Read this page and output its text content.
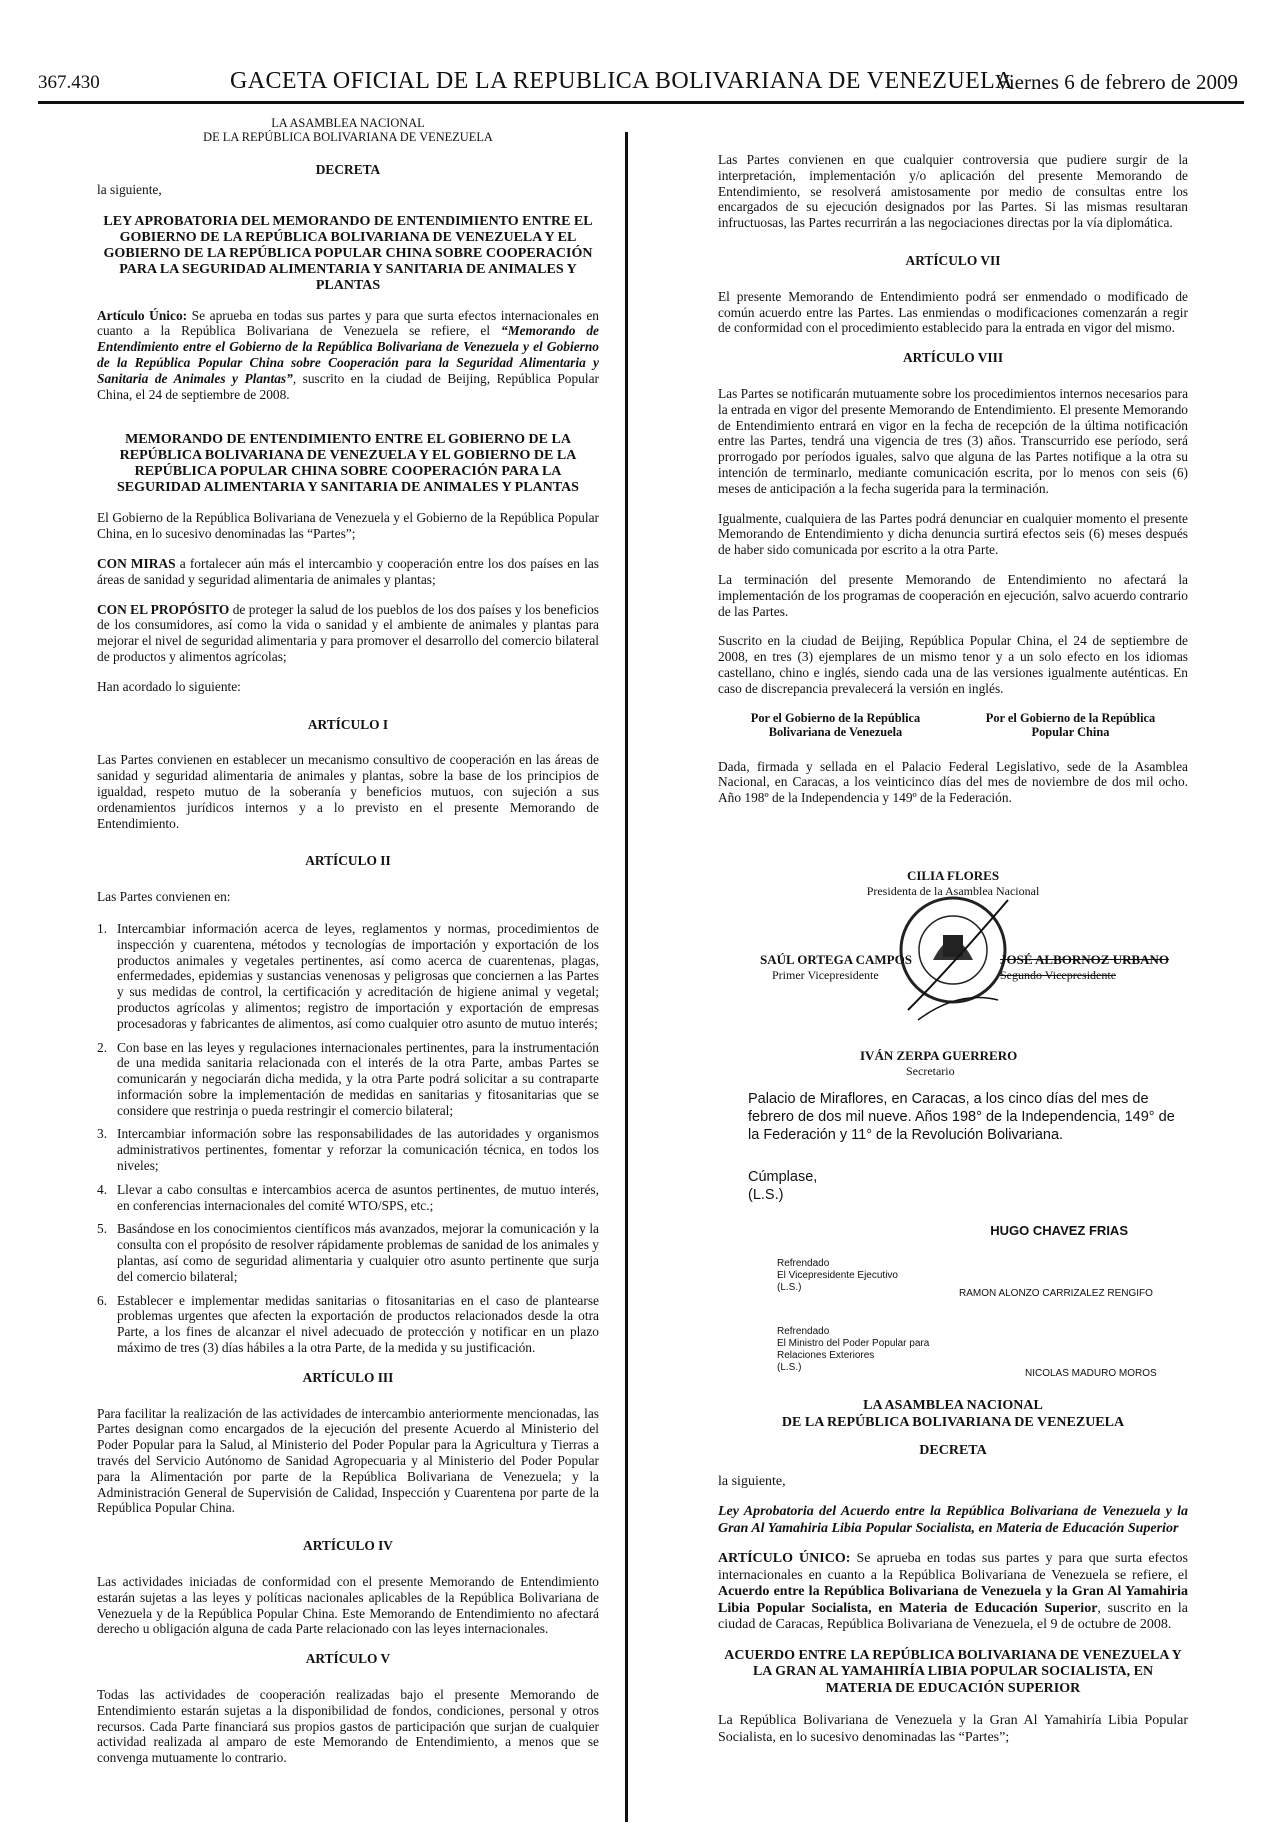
367.430	GACETA OFICIAL DE LA REPUBLICA BOLIVARIANA DE VENEZUELA
Viernes 6 de febrero de 2009
LA ASAMBLEA NACIONAL
DE LA REPÚBLICA BOLIVARIANA DE VENEZUELA
DECRETA

la siguiente,

LEY APROBATORIA DEL MEMORANDO DE ENTENDIMIENTO ENTRE EL GOBIERNO DE LA REPÚBLICA BOLIVARIANA DE VENEZUELA Y EL GOBIERNO DE LA REPÚBLICA POPULAR CHINA SOBRE COOPERACIÓN PARA LA SEGURIDAD ALIMENTARIA Y SANITARIA DE ANIMALES Y PLANTAS

Artículo Único: Se aprueba en todas sus partes y para que surta efectos internacionales en cuanto a la República Bolivariana de Venezuela se refiere, el “Memorando de Entendimiento entre el Gobierno de la República Bolivariana de Venezuela y el Gobierno de la República Popular China sobre Cooperación para la Seguridad Alimentaria y Sanitaria de Animales y Plantas”, suscrito en la ciudad de Beijing, República Popular China, el 24 de septiembre de 2008.

MEMORANDO DE ENTENDIMIENTO ENTRE EL GOBIERNO DE LA REPÚBLICA BOLIVARIANA DE VENEZUELA Y EL GOBIERNO DE LA REPÚBLICA POPULAR CHINA SOBRE COOPERACIÓN PARA LA SEGURIDAD ALIMENTARIA Y SANITARIA DE ANIMALES Y PLANTAS

El Gobierno de la República Bolivariana de Venezuela y el Gobierno de la República Popular China, en lo sucesivo denominadas las “Partes”;

CON MIRAS a fortalecer aún más el intercambio y cooperación entre los dos países en las áreas de sanidad y seguridad alimentaria de animales y plantas;

CON EL PROPÓSITO de proteger la salud de los pueblos de los dos países y los beneficios de los consumidores, así como la vida o sanidad y el ambiente de animales y plantas para mejorar el nivel de seguridad alimentaria y para promover el desarrollo del comercio bilateral de productos y alimentos agrícolas;

Han acordado lo siguiente:

ARTÍCULO I

Las Partes convienen en establecer un mecanismo consultivo de cooperación en las áreas de sanidad y seguridad alimentaria de animales y plantas, sobre la base de los principios de igualdad, respeto mutuo de la soberanía y beneficios mutuos, con sujeción a sus ordenamientos jurídicos internos y a lo previsto en el presente Memorando de Entendimiento.

ARTÍCULO II

Las Partes convienen en:

1. Intercambiar información acerca de leyes, reglamentos y normas, procedimientos de inspección y cuarentena, métodos y tecnologías de importación y exportación de los productos animales y vegetales pertinentes, así como acerca de cuarentenas, plagas, enfermedades, epidemias y sustancias venenosas y peligrosas que conciernen a las Partes y sus medidas de control, la certificación y acreditación de higiene animal y vegetal; productos agrícolas y alimentos; registro de importación y exportación de empresas procesadoras y fabricantes de alimentos, así como cualquier otro asunto de mutuo interés;
2. Con base en las leyes y regulaciones internacionales pertinentes, para la instrumentación de una medida sanitaria relacionada con el interés de la otra Parte, ambas Partes se comunicarán y negociarán dicha medida, y la otra Parte podrá solicitar a su contraparte información sobre la implementación de medidas en sanitarias y fitosanitarias que se considere que restrinja o pueda restringir el comercio bilateral;
3. Intercambiar información sobre las responsabilidades de las autoridades y organismos administrativos pertinentes, fomentar y reforzar la comunicación técnica, en todos los niveles;
4. Llevar a cabo consultas e intercambios acerca de asuntos pertinentes, de mutuo interés, en conferencias internacionales del comité WTO/SPS, etc.;
5. Basándose en los conocimientos científicos más avanzados, mejorar la comunicación y la consulta con el propósito de resolver rápidamente problemas de sanidad de los animales y plantas, así como de seguridad alimentaria y cualquier otro asunto pertinente que surja del comercio bilateral;
6. Establecer e implementar medidas sanitarias o fitosanitarias en el caso de plantearse problemas urgentes que afecten la exportación de productos relacionados desde la otra Parte, a los fines de alcanzar el nivel adecuado de protección y notificar en un plazo máximo de tres (3) días hábiles a la otra Parte, de la medida y su justificación.
ARTÍCULO III

Para facilitar la realización de las actividades de intercambio anteriormente mencionadas, las Partes designan como encargados de la ejecución del presente Acuerdo al Ministerio del Poder Popular para la Salud, al Ministerio del Poder Popular para la Agricultura y Tierras a través del Servicio Autónomo de Sanidad Agropecuaria y al Ministerio del Poder Popular para la Alimentación por parte de la República Bolivariana de Venezuela; y la Administración General de Supervisión de Calidad, Inspección y Cuarentena por parte de la República Popular China.

ARTÍCULO IV

Las actividades iniciadas de conformidad con el presente Memorando de Entendimiento estarán sujetas a las leyes y políticas nacionales aplicables de la República Bolivariana de Venezuela y de la República Popular China. Este Memorando de Entendimiento no afectará derecho u obligación alguna de cada Parte relacionado con las leyes internacionales.

ARTÍCULO V

Todas las actividades de cooperación realizadas bajo el presente Memorando de Entendimiento estarán sujetas a la disponibilidad de fondos, condiciones, personal y otros recursos. Cada Parte financiará sus propios gastos de participación que surjan de cualquier actividad realizada al amparo de este Memorando de Entendimiento, a menos que se convenga mutuamente lo contrario.

Las Partes convienen en que cualquier controversia que pudiere surgir de la interpretación, implementación y/o aplicación del presente Memorando de Entendimiento, se resolverá amistosamente por medio de consultas entre los encargados de su ejecución designados por las Partes. Si las mismas resultaran infructuosas, las Partes recurrirán a las negociaciones directas por la vía diplomática.

ARTÍCULO VII

El presente Memorando de Entendimiento podrá ser enmendado o modificado de común acuerdo entre las Partes. Las enmiendas o modificaciones comenzarán a regir de conformidad con el procedimiento establecido para la entrada en vigor del mismo.

ARTÍCULO VIII

Las Partes se notificarán mutuamente sobre los procedimientos internos necesarios para la entrada en vigor del presente Memorando de Entendimiento. El presente Memorando de Entendimiento entrará en vigor en la fecha de recepción de la última notificación entre las Partes, tendrá una vigencia de tres (3) años. Transcurrido ese período, será prorrogado por períodos iguales, salvo que alguna de las Partes notifique a la otra su intención de terminarlo, mediante comunicación escrita, por lo menos con seis (6) meses de anticipación a la fecha sugerida para la terminación.

Igualmente, cualquiera de las Partes podrá denunciar en cualquier momento el presente Memorando de Entendimiento y dicha denuncia surtirá efectos seis (6) meses después de haber sido comunicada por escrito a la otra Parte.

La terminación del presente Memorando de Entendimiento no afectará la implementación de los programas de cooperación en ejecución, salvo acuerdo contrario de las Partes.

Suscrito en la ciudad de Beijing, República Popular China, el 24 de septiembre de 2008, en tres (3) ejemplares de un mismo tenor y a un solo efecto en los idiomas castellano, chino e inglés, siendo cada una de las versiones igualmente auténticas. En caso de discrepancia prevalecerá la versión en inglés.

Por el Gobierno de la República
Bolivariana de Venezuela
Por el Gobierno de la República
Popular China

Dada, firmada y sellada en el Palacio Federal Legislativo, sede de la Asamblea Nacional, en Caracas, a los veinticinco días del mes de noviembre de dos mil ocho. Año 198º de la Independencia y 149º de la Federación.

CILIA FLORES
Presidenta de la Asamblea Nacional
SAÚL ORTEGA CAMPOS
Primer Vicepresidente
JOSÉ ALBORNOZ URBANO
Segundo Vicepresidente
IVÁN ZERPA GUERRERO
Secretario
Palacio de Miraflores, en Caracas, a los cinco días del mes de febrero de dos mil nueve. Años 198° de la Independencia, 149° de la Federación y 11° de la Revolución Bolivariana.
Cúmplase,
(L.S.)
HUGO CHAVEZ FRIAS
Refrendado
El Vicepresidente Ejecutivo
(L.S.)
RAMON ALONZO CARRIZALEZ RENGIFO
Refrendado
El Ministro del Poder Popular para
Relaciones Exteriores
(L.S.)
NICOLAS MADURO MOROS
LA ASAMBLEA NACIONAL
DE LA REPÚBLICA BOLIVARIANA DE VENEZUELA
DECRETA

la siguiente,

Ley Aprobatoria del Acuerdo entre la República Bolivariana de Venezuela y la Gran Al Yamahiria Libia Popular Socialista, en Materia de Educación Superior

ARTÍCULO ÚNICO: Se aprueba en todas sus partes y para que surta efectos internacionales en cuanto a la República Bolivariana de Venezuela se refiere, el Acuerdo entre la República Bolivariana de Venezuela y la Gran Al Yamahiria Libia Popular Socialista, en Materia de Educación Superior, suscrito en la ciudad de Caracas, República Bolivariana de Venezuela, el 9 de octubre de 2008.

ACUERDO ENTRE LA REPÚBLICA BOLIVARIANA DE VENEZUELA Y LA GRAN AL YAMAHIRÍA LIBIA POPULAR SOCIALISTA, EN MATERIA DE EDUCACIÓN SUPERIOR

La República Bolivariana de Venezuela y la Gran Al Yamahiría Libia Popular Socialista, en lo sucesivo denominadas las “Partes”;
